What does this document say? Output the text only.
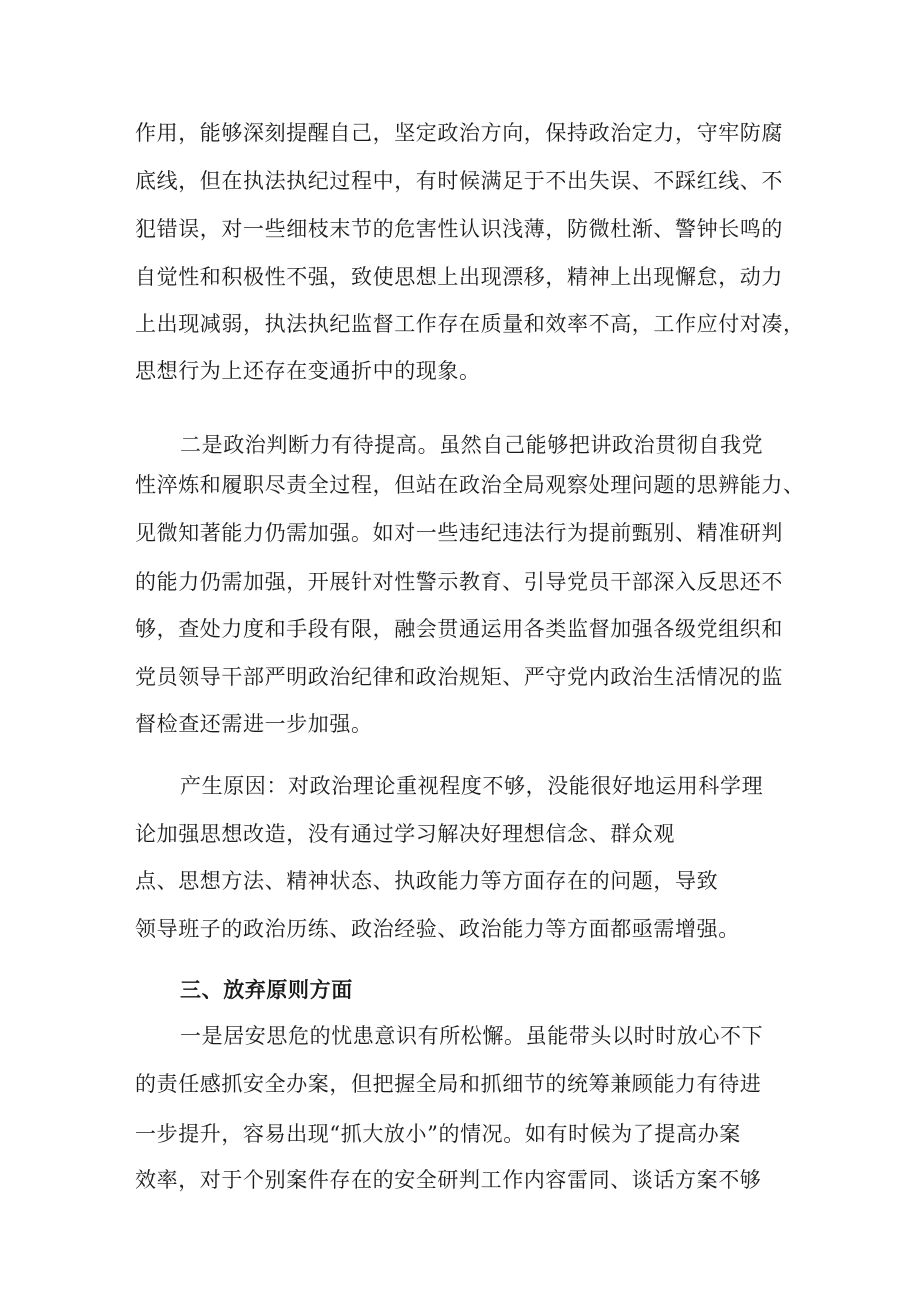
作用，能够深刻提醒自己，坚定政治方向，保持政治定力，守牢防腐
底线，但在执法执纪过程中，有时候满足于不出失误、不踩红线、不
犯错误，对一些细枝末节的危害性认识浅薄，防微杜渐、警钟长鸣的
自觉性和积极性不强，致使思想上出现漂移，精神上出现懈怠，动力
上出现减弱，执法执纪监督工作存在质量和效率不高，工作应付对凑，
思想行为上还存在变通折中的现象。
二是政治判断力有待提高。虽然自己能够把讲政治贯彻自我党
性淬炼和履职尽责全过程，但站在政治全局观察处理问题的思辨能力、
见微知著能力仍需加强。如对一些违纪违法行为提前甄别、精准研判
的能力仍需加强，开展针对性警示教育、引导党员干部深入反思还不
够，查处力度和手段有限，融会贯通运用各类监督加强各级党组织和
党员领导干部严明政治纪律和政治规矩、严守党内政治生活情况的监
督检查还需进一步加强。
产生原因：对政治理论重视程度不够，没能很好地运用科学理
论加强思想改造，没有通过学习解决好理想信念、群众观
点、思想方法、精神状态、执政能力等方面存在的问题，导致
领导班子的政治历练、政治经验、政治能力等方面都亟需增强。
三、放弃原则方面
一是居安思危的忧患意识有所松懈。虽能带头以时时放心不下
的责任感抓安全办案，但把握全局和抓细节的统筹兼顾能力有待进
一步提升，容易出现“抓大放小”的情况。如有时候为了提高办案
效率，对于个别案件存在的安全研判工作内容雷同、谈话方案不够
